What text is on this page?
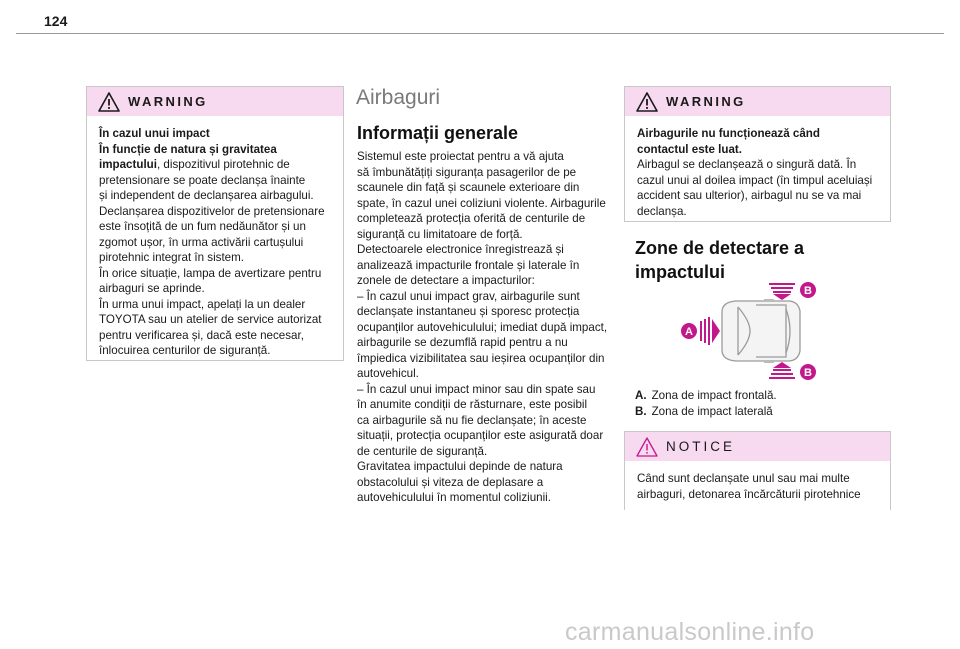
124
WARNING

În cazul unui impact

În funcție de natura și gravitatea

impactului, dispozitivul pirotehnic de

pretensionare se poate declanșa înainte

și independent de declanșarea airbagului.

Declanșarea dispozitivelor de pretensionare

este însoțită de un fum nedăunător și un

zgomot ușor, în urma activării cartușului

pirotehnic integrat în sistem.

În orice situație, lampa de avertizare pentru

airbaguri se aprinde.

În urma unui impact, apelați la un dealer

TOYOTA sau un atelier de service autorizat

pentru verificarea și, dacă este necesar,

înlocuirea centurilor de siguranță.

Airbaguri
Informații generale

Sistemul este proiectat pentru a vă ajuta

să îmbunătățiți siguranța pasagerilor de pe

scaunele din față și scaunele exterioare din

spate, în cazul unei coliziuni violente. Airbagurile

completează protecția oferită de centurile de

siguranță cu limitatoare de forță.

Detectoarele electronice înregistrează și

analizează impacturile frontale și laterale în

zonele de detectare a impacturilor:

– În cazul unui impact grav, airbagurile sunt

declanșate instantaneu și sporesc protecția

ocupanților autovehiculului; imediat după impact,

airbagurile se dezumflă rapid pentru a nu

împiedica vizibilitatea sau ieșirea ocupanților din

autovehicul.

– În cazul unui impact minor sau din spate sau

în anumite condiții de răsturnare, este posibil

ca airbagurile să nu fie declanșate; în aceste

situații, protecția ocupanților este asigurată doar

de centurile de siguranță.

Gravitatea impactului depinde de natura

obstacolului și viteza de deplasare a

autovehiculului în momentul coliziunii.

WARNING

Airbagurile nu funcționează când

contactul este luat.

Airbagul se declanșează o singură dată. În

cazul unui al doilea impact (în timpul aceluiași

accident sau ulterior), airbagul nu se va mai

declanșa.

Zone de detectare a
impactului
A
B
B

A. Zona de impact frontală.

B. Zona de impact laterală

NOTICE

Când sunt declanșate unul sau mai multe

airbaguri, detonarea încărcăturii pirotehnice

carmanualsonline.info
